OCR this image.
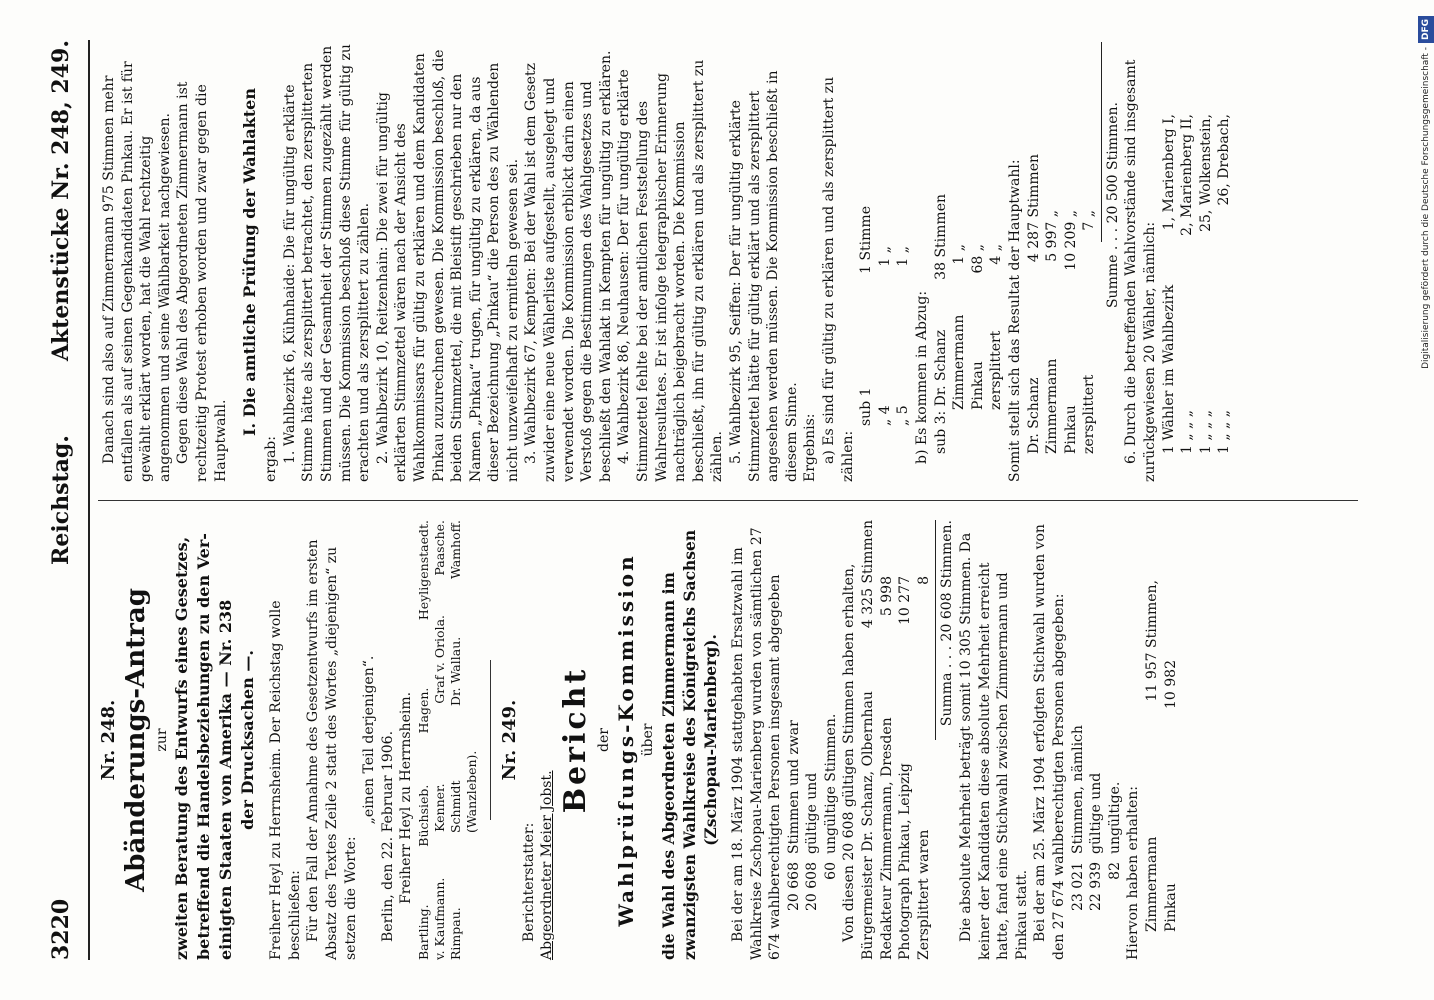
3220
Reichstag.
Aktenstücke Nr. 248, 249.

Nr. 248. Abänderungs-Antrag zur zweiten Beratung des Entwurfs eines Gesetzes, betreffend die Handelsbeziehungen zu den Ver- einigten Staaten von Amerika — Nr. 238 der Drucksachen —. Freiherr Heyl zu Herrnsheim. Der Reichstag wolle beschließen: Für den Fall der Annahme des Gesetzentwurfs im ersten Absatz des Textes Zeile 2 statt des Wortes „diejenigen“ zu setzen die Worte:

„einen Teil derjenigen“. Berlin, den 22. Februar 1906. Freiherr Heyl zu Herrnsheim.

Bartling.
Büchsieb.
Hagen.
Heyligenstaedt.
v. Kaufmann.
Kenner.
Graf v. Oriola.
Paasche.
Rimpau.
Schmidt (Wanzleben).
Dr. Wallau.
Wamhoff.

Nr. 249.

Berichterstatter: Abgeordneter Meier Jobst.

Bericht der Wahlprüfungs-Kommission über die Wahl des Abgeordneten Zimmermann im zwanzigsten Wahlkreise des Königreichs Sachsen (Zschopau-Marienberg). Bei der am 18. März 1904 stattgehabten Ersatzwahl im Wahlkreise Zschopau-Marienberg wurden von sämtlichen 27 674 wahlberechtigten Personen insgesamt abgegeben 20 668
Stimmen und zwar
20 608
gültige und
60
ungültige Stimmen. Von diesen 20 608 gültigen Stimmen haben erhalten, Bürgermeister Dr. Schanz, Olbernhau
4 325 Stimmen
Redakteur Zimmermann, Dresden
5 998
Photograph Pinkau, Leipzig
10 277
Zersplittert waren
8 Summa . . . 20 608 Stimmen. Die absolute Mehrheit beträgt somit 10 305 Stimmen. Da keiner der Kandidaten diese absolute Mehrheit erreicht hatte, fand eine Stichwahl zwischen Zimmermann und Pinkau statt. Bei der am 25. März 1904 erfolgten Stichwahl wurden von den 27 674 wahlberechtigten Personen abgegeben: 23 021
Stimmen, nämlich
22 939
gültige und
82
ungültige. Hiervon haben erhalten: Zimmermann
11 957 Stimmen,
Pinkau
10 982

Danach sind also auf Zimmermann 975 Stimmen mehr entfallen als auf seinen Gegenkandidaten Pinkau. Er ist für gewählt erklärt worden, hat die Wahl rechtzeitig angenommen und seine Wählbarkeit nachgewiesen. Gegen diese Wahl des Abgeordneten Zimmermann ist rechtzeitig Protest erhoben worden und zwar gegen die Hauptwahl.

I. Die amtliche Prüfung der Wahlakten

ergab: 1. Wahlbezirk 6, Kühnhaide: Die für ungültig erklärte Stimme hätte als zersplittert betrachtet, den zersplitterten Stimmen und der Gesamtheit der Stimmen zugezählt werden müssen. Die Kommission beschloß diese Stimme für gültig zu erachten und als zersplittert zu zählen. 2. Wahlbezirk 10, Reitzenhain: Die zwei für ungültig erklärten Stimmzettel wären nach der Ansicht des Wahlkommissars für gültig zu erklären und dem Kandidaten Pinkau zuzurechnen gewesen. Die Kommission beschloß, die beiden Stimmzettel, die mit Bleistift geschrieben nur den Namen „Pinkau“ trugen, für ungültig zu erklären, da aus dieser Bezeichnung „Pinkau“ die Person des zu Wählenden nicht unzweifelhaft zu ermitteln gewesen sei. 3. Wahlbezirk 67, Kempten: Bei der Wahl ist dem Gesetz zuwider eine neue Wählerliste aufgestellt, ausgelegt und verwendet worden. Die Kommission erblickt darin einen Verstoß gegen die Bestimmungen des Wahlgesetzes und beschließt den Wahlakt in Kempten für ungültig zu erklären. 4. Wahlbezirk 86, Neuhausen: Der für ungültig erklärte Stimmzettel fehlte bei der amtlichen Feststellung des Wahlresultates. Er ist infolge telegraphischer Erinnerung nachträglich beigebracht worden. Die Kommission beschließt, ihn für gültig zu erklären und als zersplittert zu zählen. 5. Wahlbezirk 95, Seiffen: Der für ungültig erklärte Stimmzettel hätte für gültig erklärt und als zersplittert angesehen werden müssen. Die Kommission beschließt in diesem Sinne. Ergebnis: a) Es sind für gültig zu erklären und als zersplittert zu zählen:

sub 1
1 Stimme
„ 4
1 „
„ 5
1 „

b) Es kommen in Abzug: sub 3: Dr. Schanz
38 Stimmen
Zimmermann
1 „
Pinkau
68 „
zersplittert
4 „ Somit stellt sich das Resultat der Hauptwahl: Dr. Schanz
4 287 Stimmen
Zimmermann
5 997 „
Pinkau
10 209 „
zersplittert
7 „ Summe . . . 20 500 Stimmen. 6. Durch die betreffenden Wahlvorstände sind insgesamt zurückgewiesen 20 Wähler, nämlich: 1 Wähler im Wahlbezirk
1, Marienberg I,
1 „ „ „
2, Marienberg II,
1 „ „ „
25, Wolkenstein,
1 „ „ „
26, Drebach,	Digitalisierung gefördert durch die Deutsche Forschungsgemeinschaft -DFG
